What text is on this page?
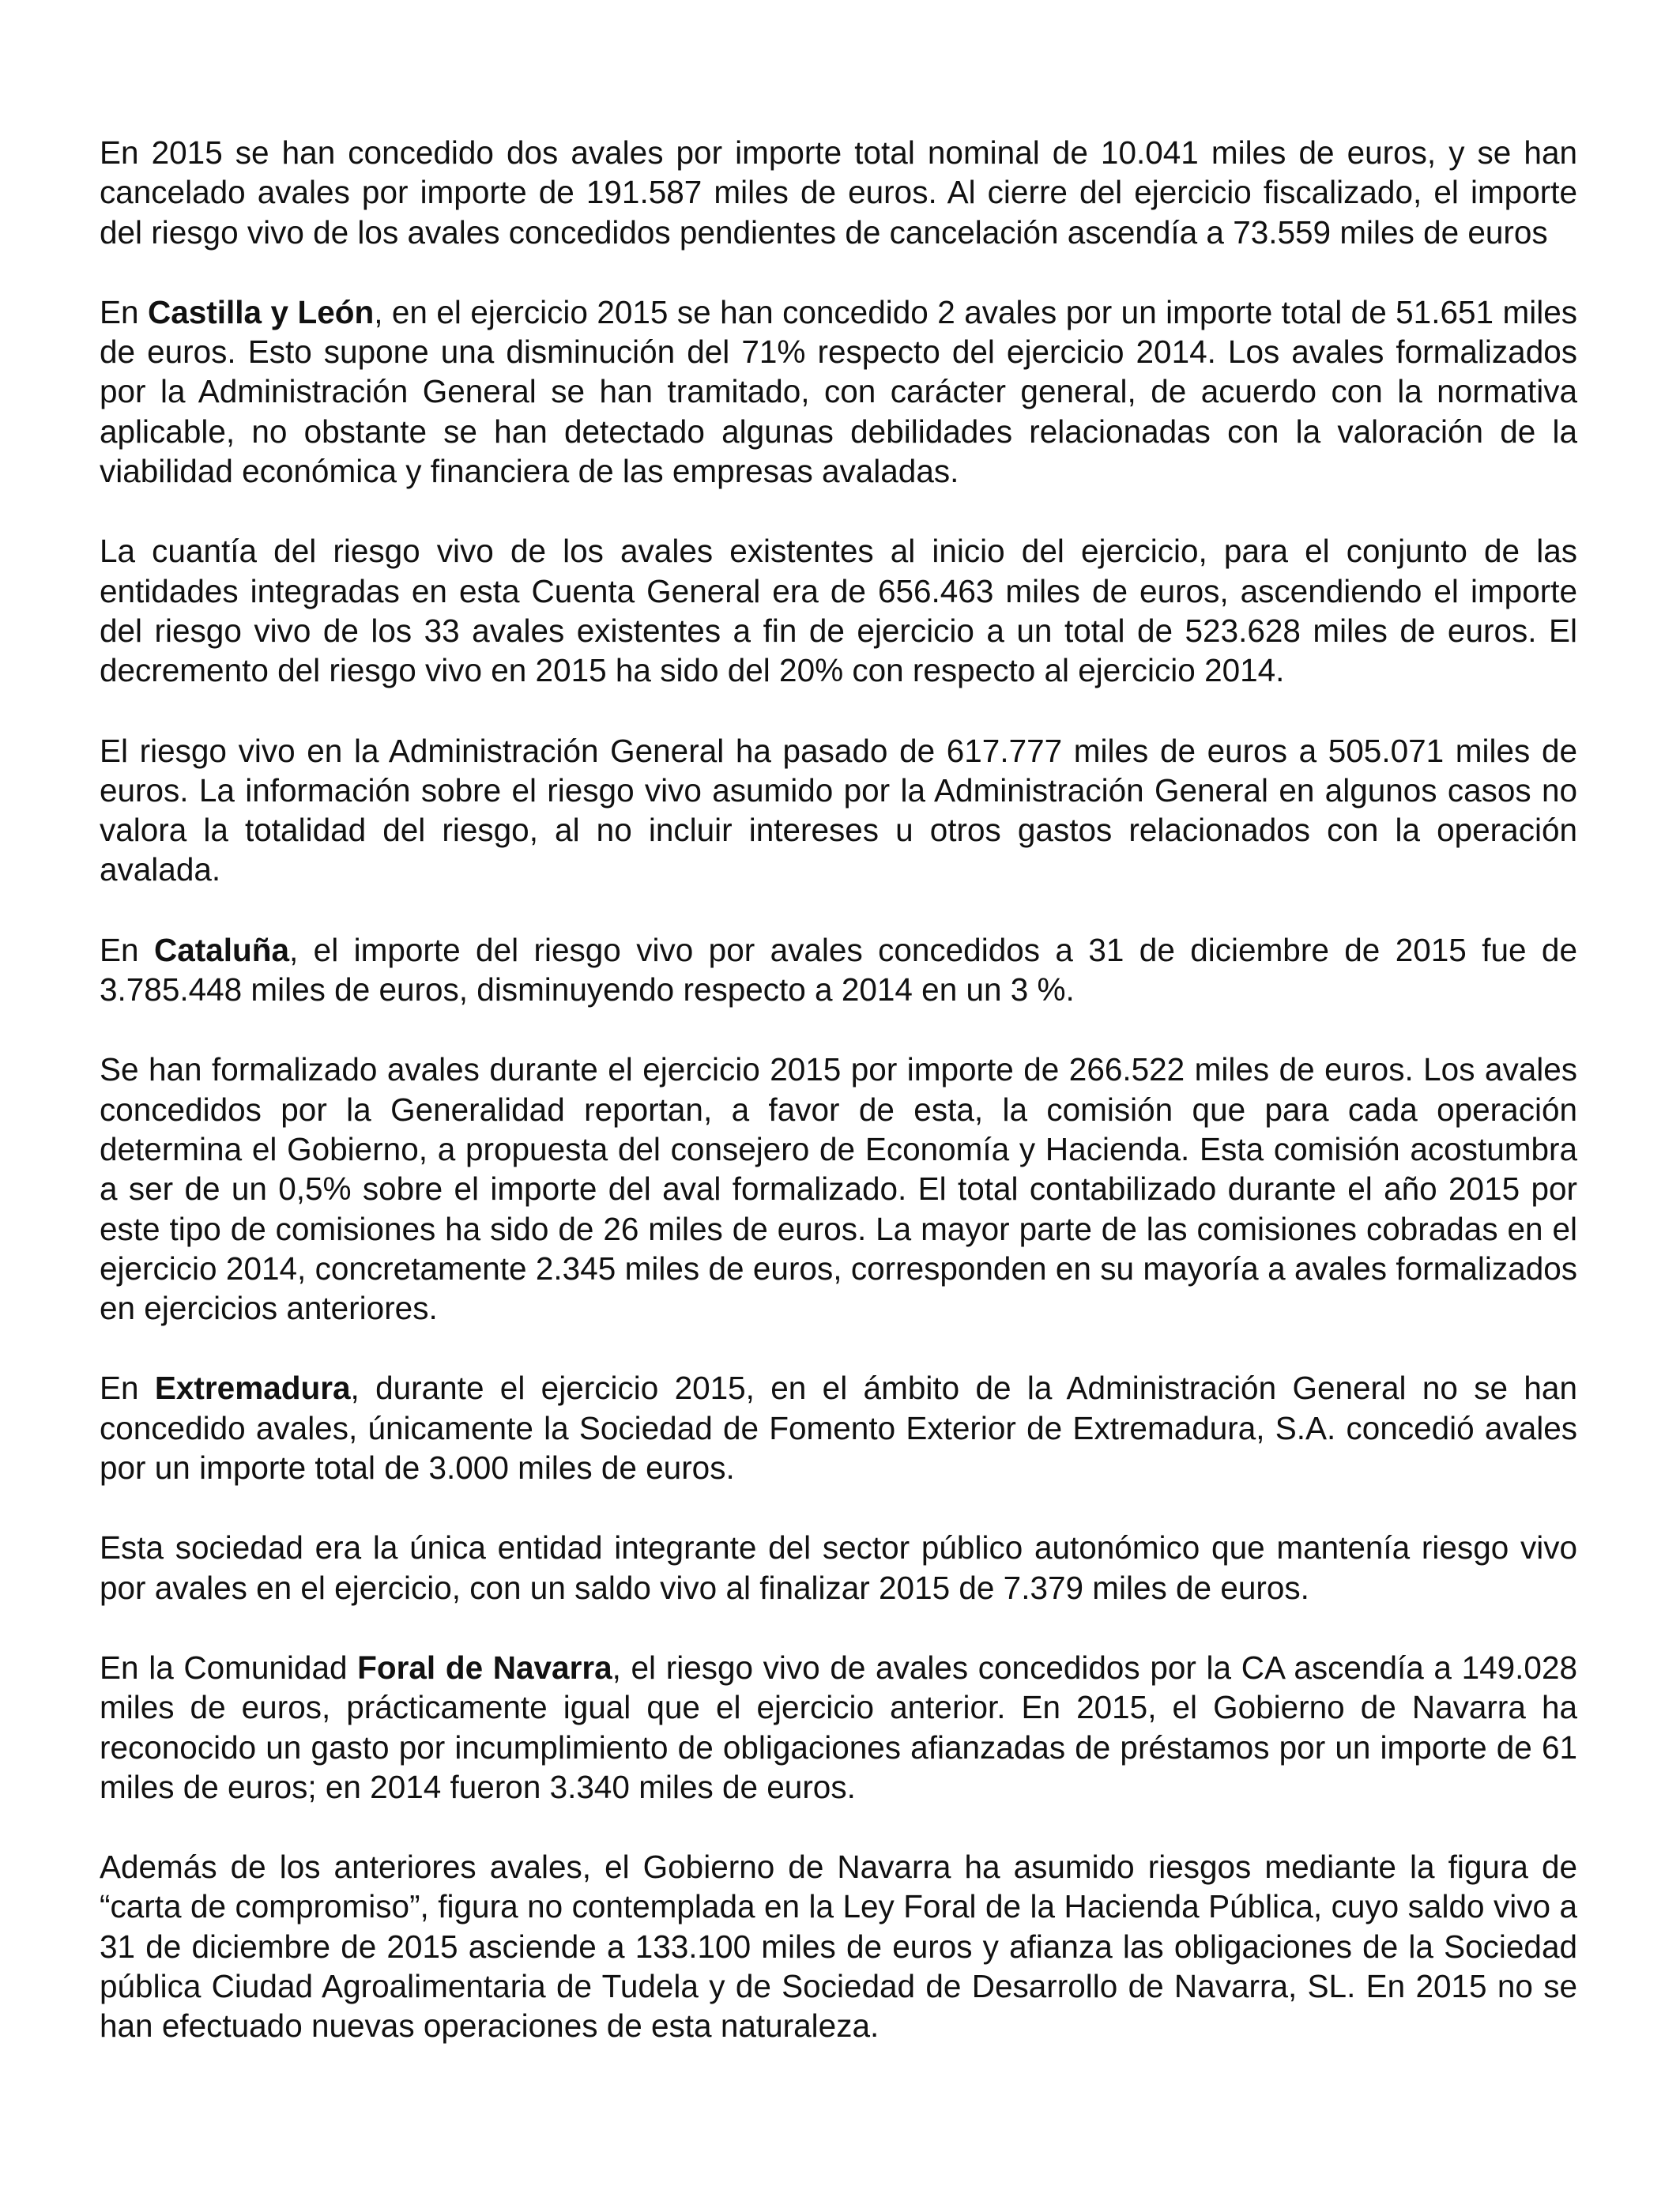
En 2015 se han concedido dos avales por importe total nominal de 10.041 miles de euros, y se han cancelado avales por importe de 191.587 miles de euros. Al cierre del ejercicio fiscalizado, el importe del riesgo vivo de los avales concedidos pendientes de cancelación ascendía a 73.559 miles de euros

En Castilla y León, en el ejercicio 2015 se han concedido 2 avales por un importe total de 51.651 miles de euros. Esto supone una disminución del 71% respecto del ejercicio 2014. Los avales formalizados por la Administración General se han tramitado, con carácter general, de acuerdo con la normativa aplicable, no obstante se han detectado algunas debilidades relacionadas con la valoración de la viabilidad económica y financiera de las empresas avaladas.

La cuantía del riesgo vivo de los avales existentes al inicio del ejercicio, para el conjunto de las entidades integradas en esta Cuenta General era de 656.463 miles de euros, ascendiendo el importe del riesgo vivo de los 33 avales existentes a fin de ejercicio a un total de 523.628 miles de euros. El decremento del riesgo vivo en 2015 ha sido del 20% con respecto al ejercicio 2014.

El riesgo vivo en la Administración General ha pasado de 617.777 miles de euros a 505.071 miles de euros. La información sobre el riesgo vivo asumido por la Administración General en algunos casos no valora la totalidad del riesgo, al no incluir intereses u otros gastos relacionados con la operación avalada.

En Cataluña, el importe del riesgo vivo por avales concedidos a 31 de diciembre de 2015 fue de 3.785.448 miles de euros, disminuyendo respecto a 2014 en un 3 %.

Se han formalizado avales durante el ejercicio 2015 por importe de 266.522 miles de euros. Los avales concedidos por la Generalidad reportan, a favor de esta, la comisión que para cada operación determina el Gobierno, a propuesta del consejero de Economía y Hacienda. Esta comisión acostumbra a ser de un 0,5% sobre el importe del aval formalizado. El total contabilizado durante el año 2015 por este tipo de comisiones ha sido de 26 miles de euros. La mayor parte de las comisiones cobradas en el ejercicio 2014, concretamente 2.345 miles de euros, corresponden en su mayoría a avales formalizados en ejercicios anteriores.

En Extremadura, durante el ejercicio 2015, en el ámbito de la Administración General no se han concedido avales, únicamente la Sociedad de Fomento Exterior de Extremadura, S.A. concedió avales por un importe total de 3.000 miles de euros.

Esta sociedad era la única entidad integrante del sector público autonómico que mantenía riesgo vivo por avales en el ejercicio, con un saldo vivo al finalizar 2015 de 7.379 miles de euros.

En la Comunidad Foral de Navarra, el riesgo vivo de avales concedidos por la CA ascendía a 149.028 miles de euros, prácticamente igual que el ejercicio anterior. En 2015, el Gobierno de Navarra ha reconocido un gasto por incumplimiento de obligaciones afianzadas de préstamos por un importe de 61 miles de euros; en 2014 fueron 3.340 miles de euros.

Además de los anteriores avales, el Gobierno de Navarra ha asumido riesgos mediante la figura de “carta de compromiso”, figura no contemplada en la Ley Foral de la Hacienda Pública, cuyo saldo vivo a 31 de diciembre de 2015 asciende a 133.100 miles de euros y afianza las obligaciones de la Sociedad pública Ciudad Agroalimentaria de Tudela y de Sociedad de Desarrollo de Navarra, SL. En 2015 no se han efectuado nuevas operaciones de esta naturaleza.
